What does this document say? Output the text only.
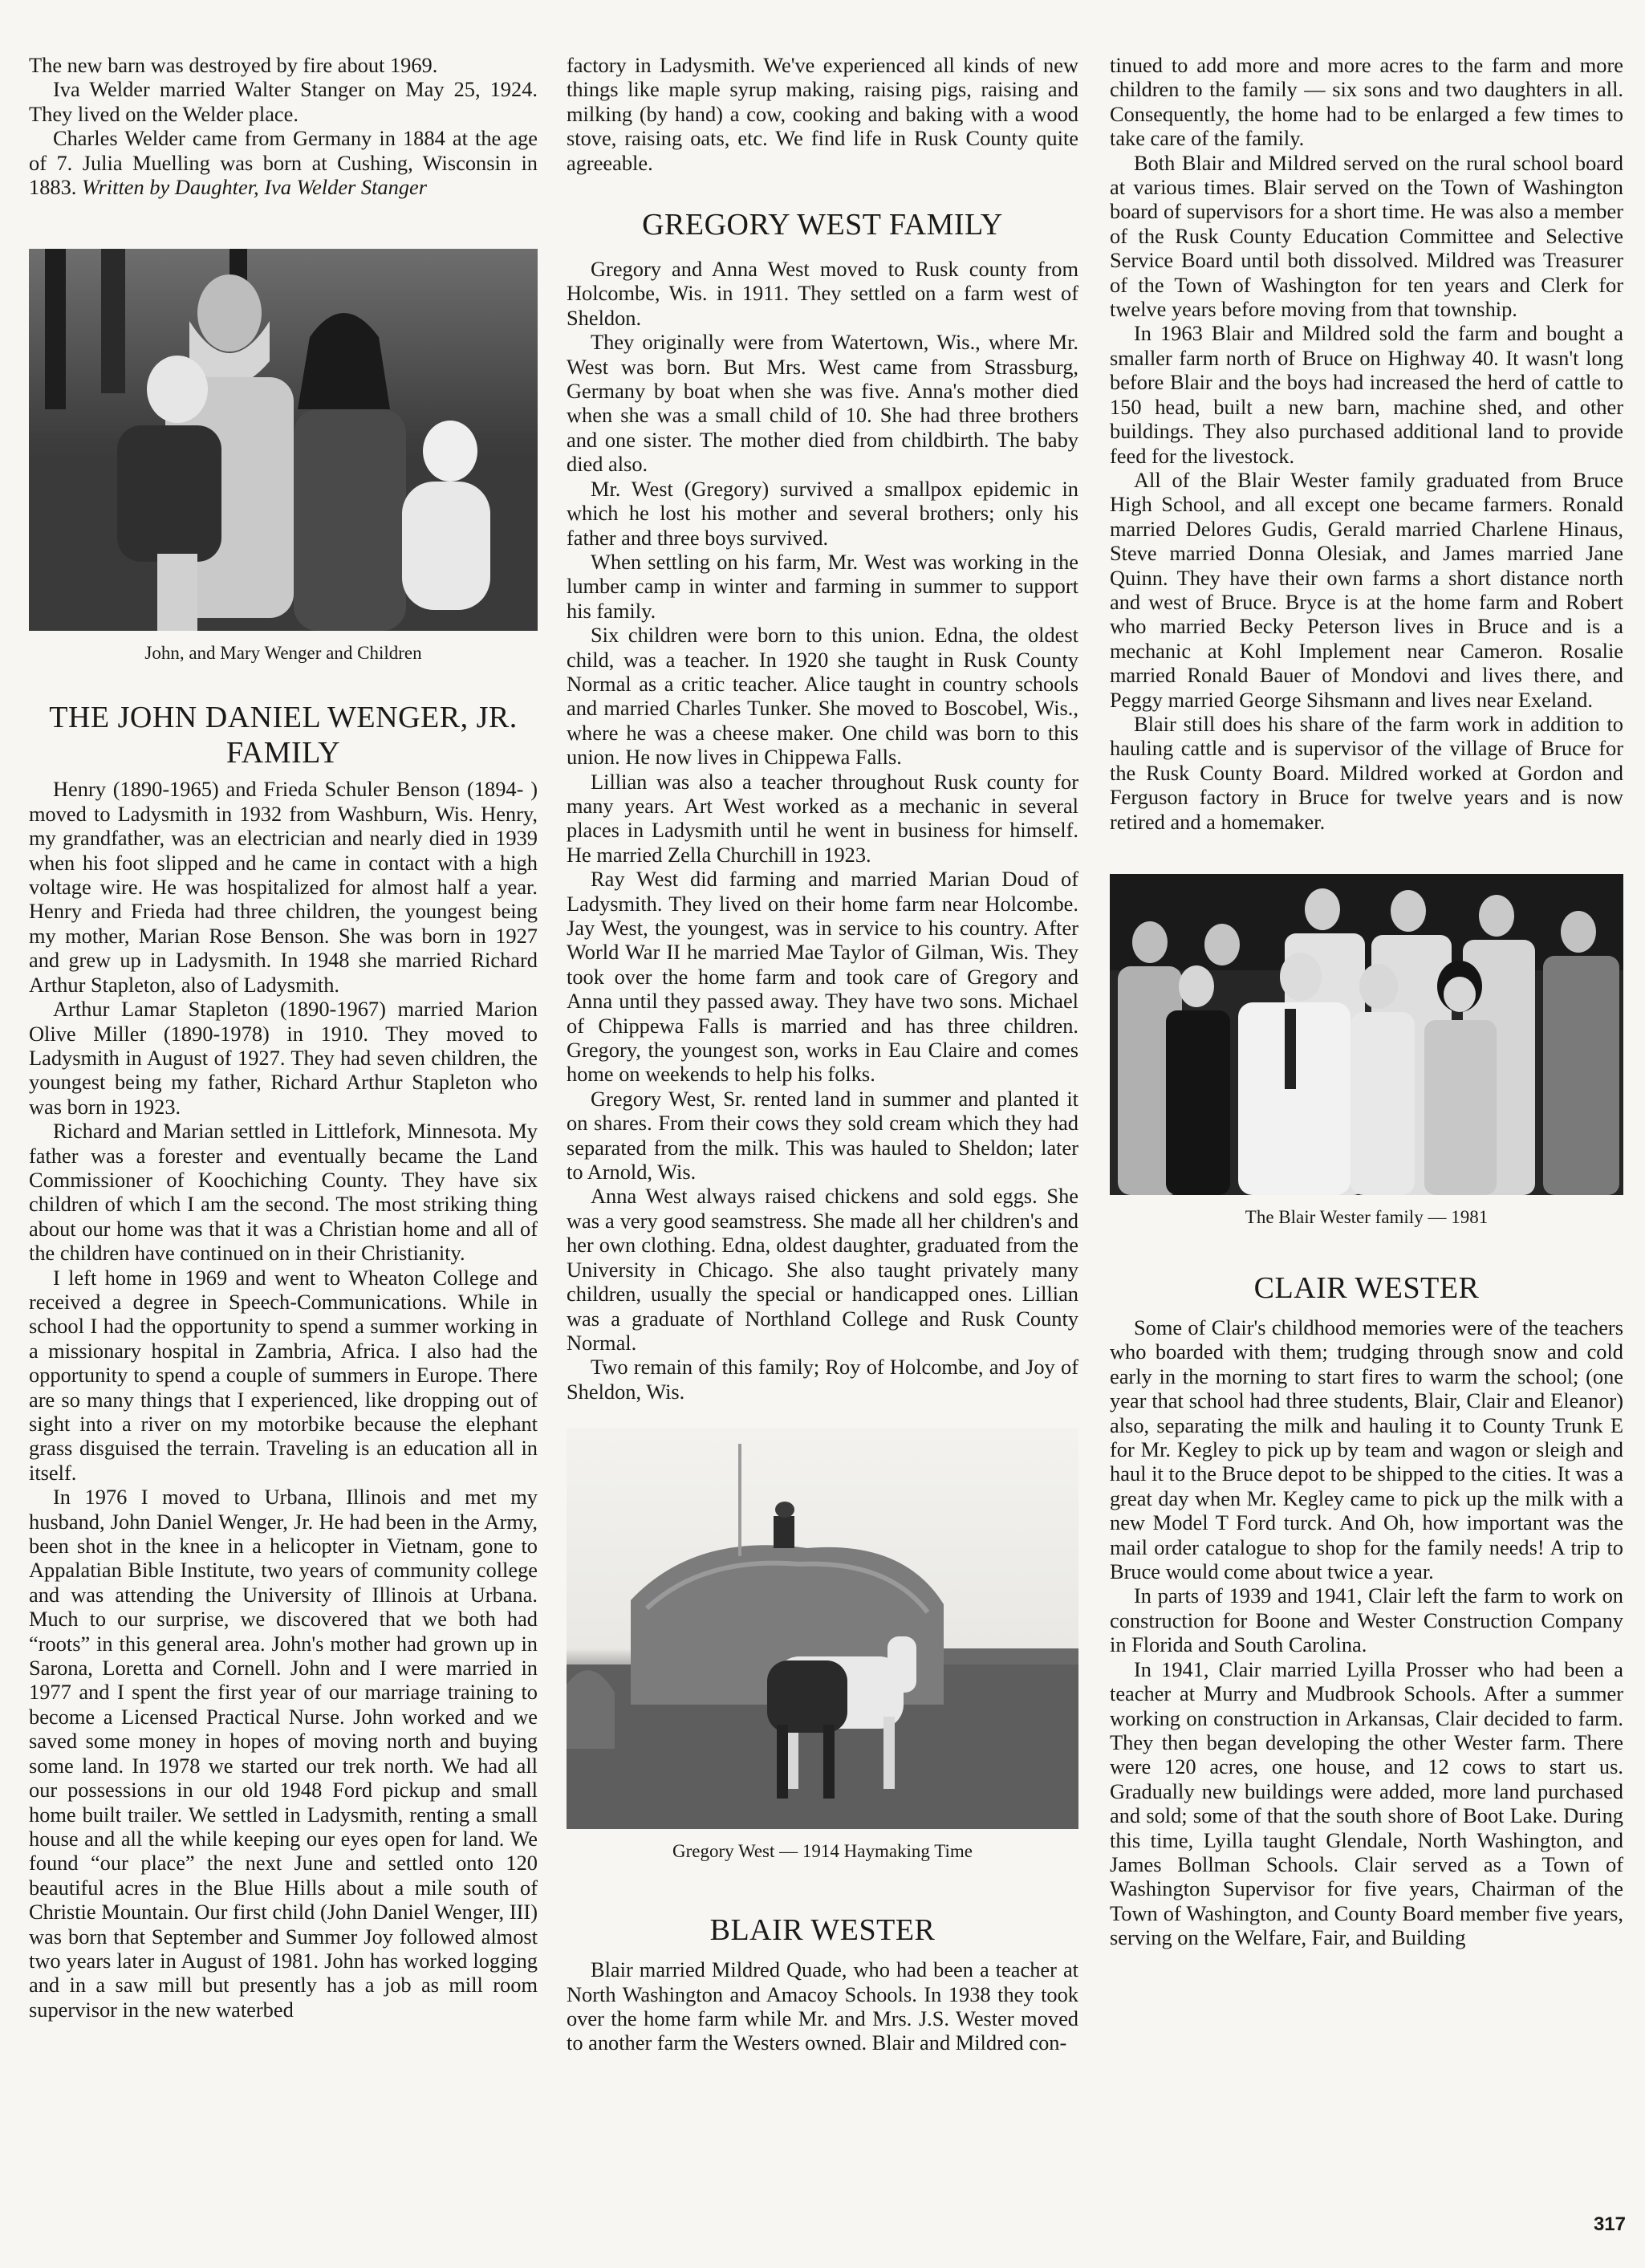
The new barn was destroyed by fire about 1969.

Iva Welder married Walter Stanger on May 25, 1924. They lived on the Welder place.

Charles Welder came from Germany in 1884 at the age of 7. Julia Muelling was born at Cushing, Wisconsin in 1883. Written by Daughter, Iva Welder Stanger

John, and Mary Wenger and Children
THE JOHN DANIEL WENGER, JR. FAMILY

Henry (1890-1965) and Frieda Schuler Benson (1894- ) moved to Ladysmith in 1932 from Washburn, Wis. Henry, my grandfather, was an electrician and nearly died in 1939 when his foot slipped and he came in contact with a high voltage wire. He was hospitalized for almost half a year. Henry and Frieda had three children, the youngest being my mother, Marian Rose Benson. She was born in 1927 and grew up in Ladysmith. In 1948 she married Richard Arthur Stapleton, also of Ladysmith.

Arthur Lamar Stapleton (1890-1967) married Marion Olive Miller (1890-1978) in 1910. They moved to Ladysmith in August of 1927. They had seven children, the youngest being my father, Richard Arthur Stapleton who was born in 1923.

Richard and Marian settled in Littlefork, Minnesota. My father was a forester and eventually became the Land Commissioner of Koochiching County. They have six children of which I am the second. The most striking thing about our home was that it was a Christian home and all of the children have continued on in their Christianity.

I left home in 1969 and went to Wheaton College and received a degree in Speech-Communications. While in school I had the opportunity to spend a summer working in a missionary hospital in Zambria, Africa. I also had the opportunity to spend a couple of summers in Europe. There are so many things that I experienced, like dropping out of sight into a river on my motorbike because the elephant grass disguised the terrain. Traveling is an education all in itself.

In 1976 I moved to Urbana, Illinois and met my husband, John Daniel Wenger, Jr. He had been in the Army, been shot in the knee in a helicopter in Vietnam, gone to Appalatian Bible Institute, two years of community college and was attending the University of Illinois at Urbana. Much to our surprise, we discovered that we both had “roots” in this general area. John's mother had grown up in Sarona, Loretta and Cornell. John and I were married in 1977 and I spent the first year of our marriage training to become a Licensed Practical Nurse. John worked and we saved some money in hopes of moving north and buying some land. In 1978 we started our trek north. We had all our possessions in our old 1948 Ford pickup and small home built trailer. We settled in Ladysmith, renting a small house and all the while keeping our eyes open for land. We found “our place” the next June and settled onto 120 beautiful acres in the Blue Hills about a mile south of Christie Mountain. Our first child (John Daniel Wenger, III) was born that September and Summer Joy followed almost two years later in August of 1981. John has worked logging and in a saw mill but presently has a job as mill room supervisor in the new waterbed

factory in Ladysmith. We've experienced all kinds of new things like maple syrup making, raising pigs, raising and milking (by hand) a cow, cooking and baking with a wood stove, raising oats, etc. We find life in Rusk County quite agreeable.

GREGORY WEST FAMILY

Gregory and Anna West moved to Rusk county from Holcombe, Wis. in 1911. They settled on a farm west of Sheldon.

They originally were from Watertown, Wis., where Mr. West was born. But Mrs. West came from Strassburg, Germany by boat when she was five. Anna's mother died when she was a small child of 10. She had three brothers and one sister. The mother died from childbirth. The baby died also.

Mr. West (Gregory) survived a smallpox epidemic in which he lost his mother and several brothers; only his father and three boys survived.

When settling on his farm, Mr. West was working in the lumber camp in winter and farming in summer to support his family.

Six children were born to this union. Edna, the oldest child, was a teacher. In 1920 she taught in Rusk County Normal as a critic teacher. Alice taught in country schools and married Charles Tunker. She moved to Boscobel, Wis., where he was a cheese maker. One child was born to this union. He now lives in Chippewa Falls.

Lillian was also a teacher throughout Rusk county for many years. Art West worked as a mechanic in several places in Ladysmith until he went in business for himself. He married Zella Churchill in 1923.

Ray West did farming and married Marian Doud of Ladysmith. They lived on their home farm near Holcombe. Jay West, the youngest, was in service to his country. After World War II he married Mae Taylor of Gilman, Wis. They took over the home farm and took care of Gregory and Anna until they passed away. They have two sons. Michael of Chippewa Falls is married and has three children. Gregory, the youngest son, works in Eau Claire and comes home on weekends to help his folks.

Gregory West, Sr. rented land in summer and planted it on shares. From their cows they sold cream which they had separated from the milk. This was hauled to Sheldon; later to Arnold, Wis.

Anna West always raised chickens and sold eggs. She was a very good seamstress. She made all her children's and her own clothing. Edna, oldest daughter, graduated from the University in Chicago. She also taught privately many children, usually the special or handicapped ones. Lillian was a graduate of Northland College and Rusk County Normal.

Two remain of this family; Roy of Holcombe, and Joy of Sheldon, Wis.

Gregory West — 1914 Haymaking Time
BLAIR WESTER

Blair married Mildred Quade, who had been a teacher at North Washington and Amacoy Schools. In 1938 they took over the home farm while Mr. and Mrs. J.S. Wester moved to another farm the Westers owned. Blair and Mildred con-

tinued to add more and more acres to the farm and more children to the family — six sons and two daughters in all. Consequently, the home had to be enlarged a few times to take care of the family.

Both Blair and Mildred served on the rural school board at various times. Blair served on the Town of Washington board of supervisors for a short time. He was also a member of the Rusk County Education Committee and Selective Service Board until both dissolved. Mildred was Treasurer of the Town of Washington for ten years and Clerk for twelve years before moving from that township.

In 1963 Blair and Mildred sold the farm and bought a smaller farm north of Bruce on Highway 40. It wasn't long before Blair and the boys had increased the herd of cattle to 150 head, built a new barn, machine shed, and other buildings. They also purchased additional land to provide feed for the livestock.

All of the Blair Wester family graduated from Bruce High School, and all except one became farmers. Ronald married Delores Gudis, Gerald married Charlene Hinaus, Steve married Donna Olesiak, and James married Jane Quinn. They have their own farms a short distance north and west of Bruce. Bryce is at the home farm and Robert who married Becky Peterson lives in Bruce and is a mechanic at Kohl Implement near Cameron. Rosalie married Ronald Bauer of Mondovi and lives there, and Peggy married George Sihsmann and lives near Exeland.

Blair still does his share of the farm work in addition to hauling cattle and is supervisor of the village of Bruce for the Rusk County Board. Mildred worked at Gordon and Ferguson factory in Bruce for twelve years and is now retired and a homemaker.

The Blair Wester family — 1981
CLAIR WESTER

Some of Clair's childhood memories were of the teachers who boarded with them; trudging through snow and cold early in the morning to start fires to warm the school; (one year that school had three students, Blair, Clair and Eleanor) also, separating the milk and hauling it to County Trunk E for Mr. Kegley to pick up by team and wagon or sleigh and haul it to the Bruce depot to be shipped to the cities. It was a great day when Mr. Kegley came to pick up the milk with a new Model T Ford turck. And Oh, how important was the mail order catalogue to shop for the family needs! A trip to Bruce would come about twice a year.

In parts of 1939 and 1941, Clair left the farm to work on construction for Boone and Wester Construction Company in Florida and South Carolina.

In 1941, Clair married Lyilla Prosser who had been a teacher at Murry and Mudbrook Schools. After a summer working on construction in Arkansas, Clair decided to farm. They then began developing the other Wester farm. There were 120 acres, one house, and 12 cows to start us. Gradually new buildings were added, more land purchased and sold; some of that the south shore of Boot Lake. During this time, Lyilla taught Glendale, North Washington, and James Bollman Schools. Clair served as a Town of Washington Supervisor for five years, Chairman of the Town of Washington, and County Board member five years, serving on the Welfare, Fair, and Building

317
